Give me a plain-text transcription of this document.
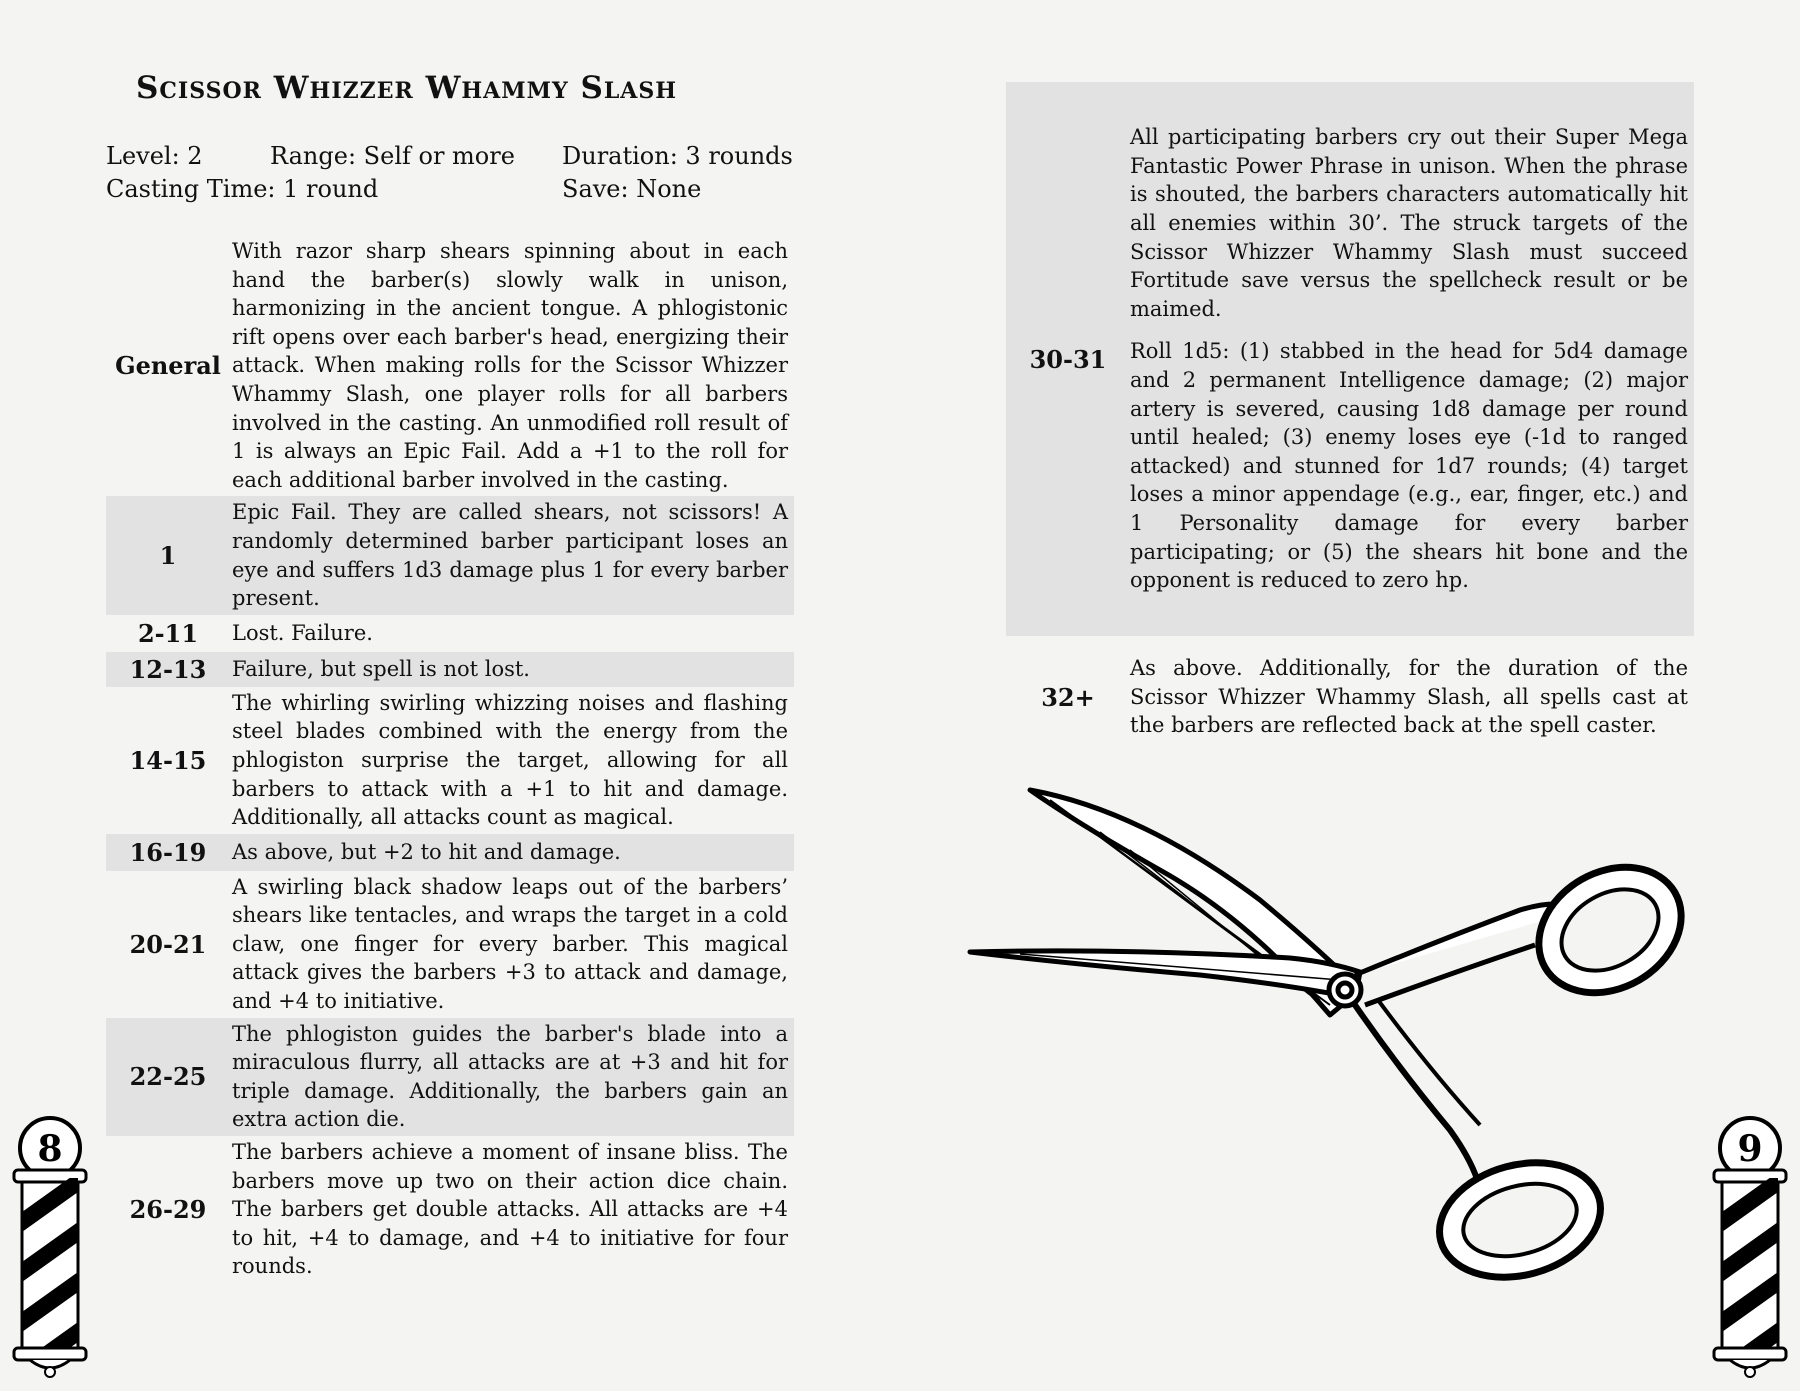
Scissor Whizzer Whammy Slash
Level: 2	Range: Self or more Duration: 3 rounds
Casting Time: 1 round	Save: None
General	With razor sharp shears spinning about in each hand the barber(s) slowly walk in unison, harmonizing in the ancient tongue. A phlogistonic rift opens over each barber's head, energizing their attack. When making rolls for the Scissor Whizzer Whammy Slash, one player rolls for all barbers involved in the casting. An unmodified roll result of 1 is always an Epic Fail. Add a +1 to the roll for each additional barber involved in the casting.
1	Epic Fail. They are called shears, not scissors! A randomly determined barber participant loses an eye and suffers 1d3 damage plus 1 for every barber present.
2-11	Lost. Failure.
12-13	Failure, but spell is not lost.
14-15	The whirling swirling whizzing noises and flashing steel blades combined with the energy from the phlogiston surprise the target, allowing for all barbers to attack with a +1 to hit and damage. Additionally, all attacks count as magical.
16-19	As above, but +2 to hit and damage.
20-21	A swirling black shadow leaps out of the barbers’ shears like tentacles, and wraps the target in a cold claw, one finger for every barber. This magical attack gives the barbers +3 to attack and damage, and +4 to initiative.
22-25	The phlogiston guides the barber's blade into a miraculous flurry, all attacks are at +3 and hit for triple damage. Additionally, the barbers gain an extra action die.
26-29	The barbers achieve a moment of insane bliss. The barbers move up two on their action dice chain. The barbers get double attacks. All attacks are +4 to hit, +4 to damage, and +4 to initiative for four rounds.
8
30-31	All participating barbers cry out their Super Mega Fantastic Power Phrase in unison. When the phrase is shouted, the barbers characters automatically hit all enemies within 30’. The struck targets of the Scissor Whizzer Whammy Slash must succeed Fortitude save versus the spellcheck result or be maimed.
Roll 1d5: (1) stabbed in the head for 5d4 damage and 2 permanent Intelligence damage; (2) major artery is severed, causing 1d8 damage per round until healed; (3) enemy loses eye (-1d to ranged attacked) and stunned for 1d7 rounds; (4) target loses a minor appendage (e.g., ear, finger, etc.) and 1 Personality damage for every barber participating; or (5) the shears hit bone and the opponent is reduced to zero hp.

32+	As above. Additionally, for the duration of the Scissor Whizzer Whammy Slash, all spells cast at the barbers are reflected back at the spell caster.
9
